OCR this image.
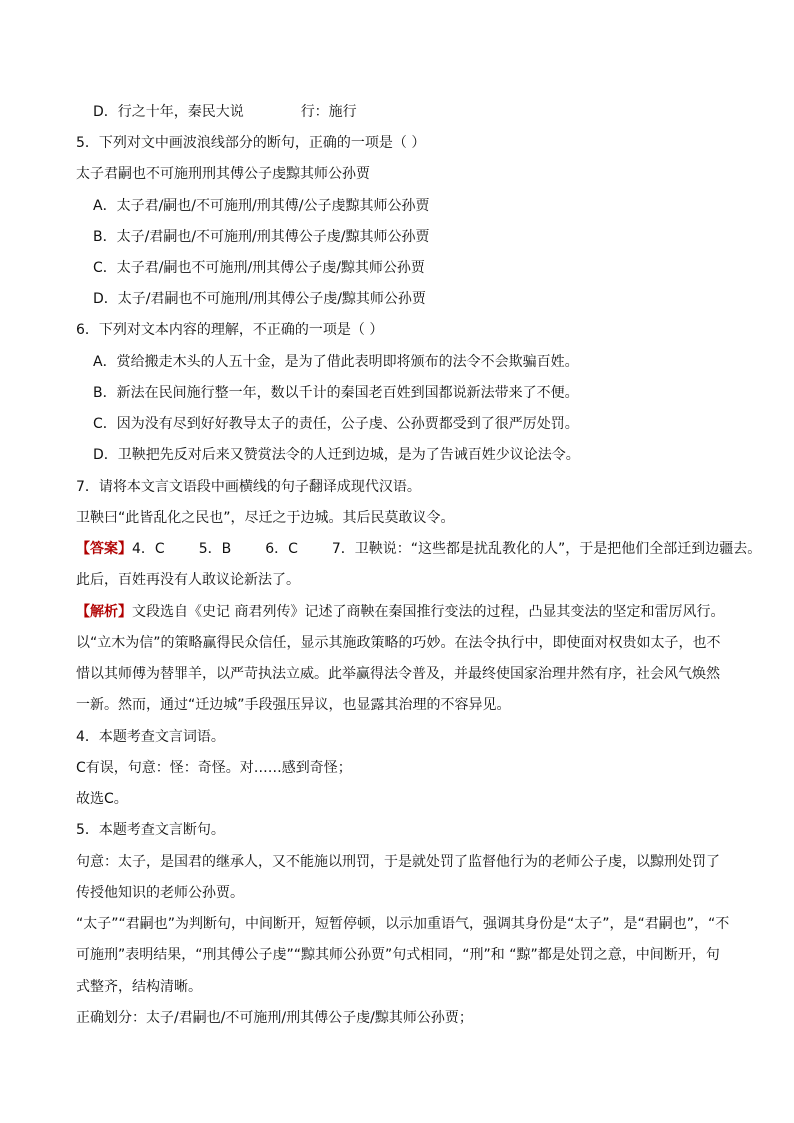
D．行之十年，秦民大说	行：施行
5．下列对文中画波浪线部分的断句，正确的一项是（ ）
太子君嗣也不可施刑刑其傅公子虔黥其师公孙贾
A．太子君/嗣也/不可施刑/刑其傅/公子虔黥其师公孙贾
B．太子/君嗣也/不可施刑/刑其傅公子虔/黥其师公孙贾
C．太子君/嗣也不可施刑/刑其傅公子虔/黥其师公孙贾
D．太子/君嗣也不可施刑/刑其傅公子虔/黥其师公孙贾
6．下列对文本内容的理解，不正确的一项是（ ）
A．赏给搬走木头的人五十金，是为了借此表明即将颁布的法令不会欺骗百姓。
B．新法在民间施行整一年，数以千计的秦国老百姓到国都说新法带来了不便。
C．因为没有尽到好好教导太子的责任，公子虔、公孙贾都受到了很严厉处罚。
D．卫鞅把先反对后来又赞赏法令的人迁到边城，是为了告诫百姓少议论法令。
7．请将本文言文语段中画横线的句子翻译成现代汉语。
卫鞅曰“此皆乱化之民也”，尽迁之于边城。其后民莫敢议令。
【答案】4．C 5．B 6．C 7．卫鞅说：“这些都是扰乱教化的人”，于是把他们全部迁到边疆去。
此后，百姓再没有人敢议论新法了。
【解析】文段选自《史记 商君列传》记述了商鞅在秦国推行变法的过程，凸显其变法的坚定和雷厉风行。
以“立木为信”的策略赢得民众信任，显示其施政策略的巧妙。在法令执行中，即使面对权贵如太子，也不
惜以其师傅为替罪羊，以严苛执法立威。此举赢得法令普及，并最终使国家治理井然有序，社会风气焕然
一新。然而，通过“迁边城”手段强压异议，也显露其治理的不容异见。
4．本题考查文言词语。
C有误，句意：怪：奇怪。对……感到奇怪；
故选C。
5．本题考查文言断句。
句意：太子，是国君的继承人，又不能施以刑罚，于是就处罚了监督他行为的老师公子虔，以黥刑处罚了
传授他知识的老师公孙贾。
“太子”“君嗣也”为判断句，中间断开，短暂停顿，以示加重语气，强调其身份是“太子”，是“君嗣也”，“不
可施刑”表明结果，“刑其傅公子虔”“黥其师公孙贾”句式相同，“刑”和 “黥”都是处罚之意，中间断开，句
式整齐，结构清晰。
正确划分：太子/君嗣也/不可施刑/刑其傅公子虔/黥其师公孙贾；
